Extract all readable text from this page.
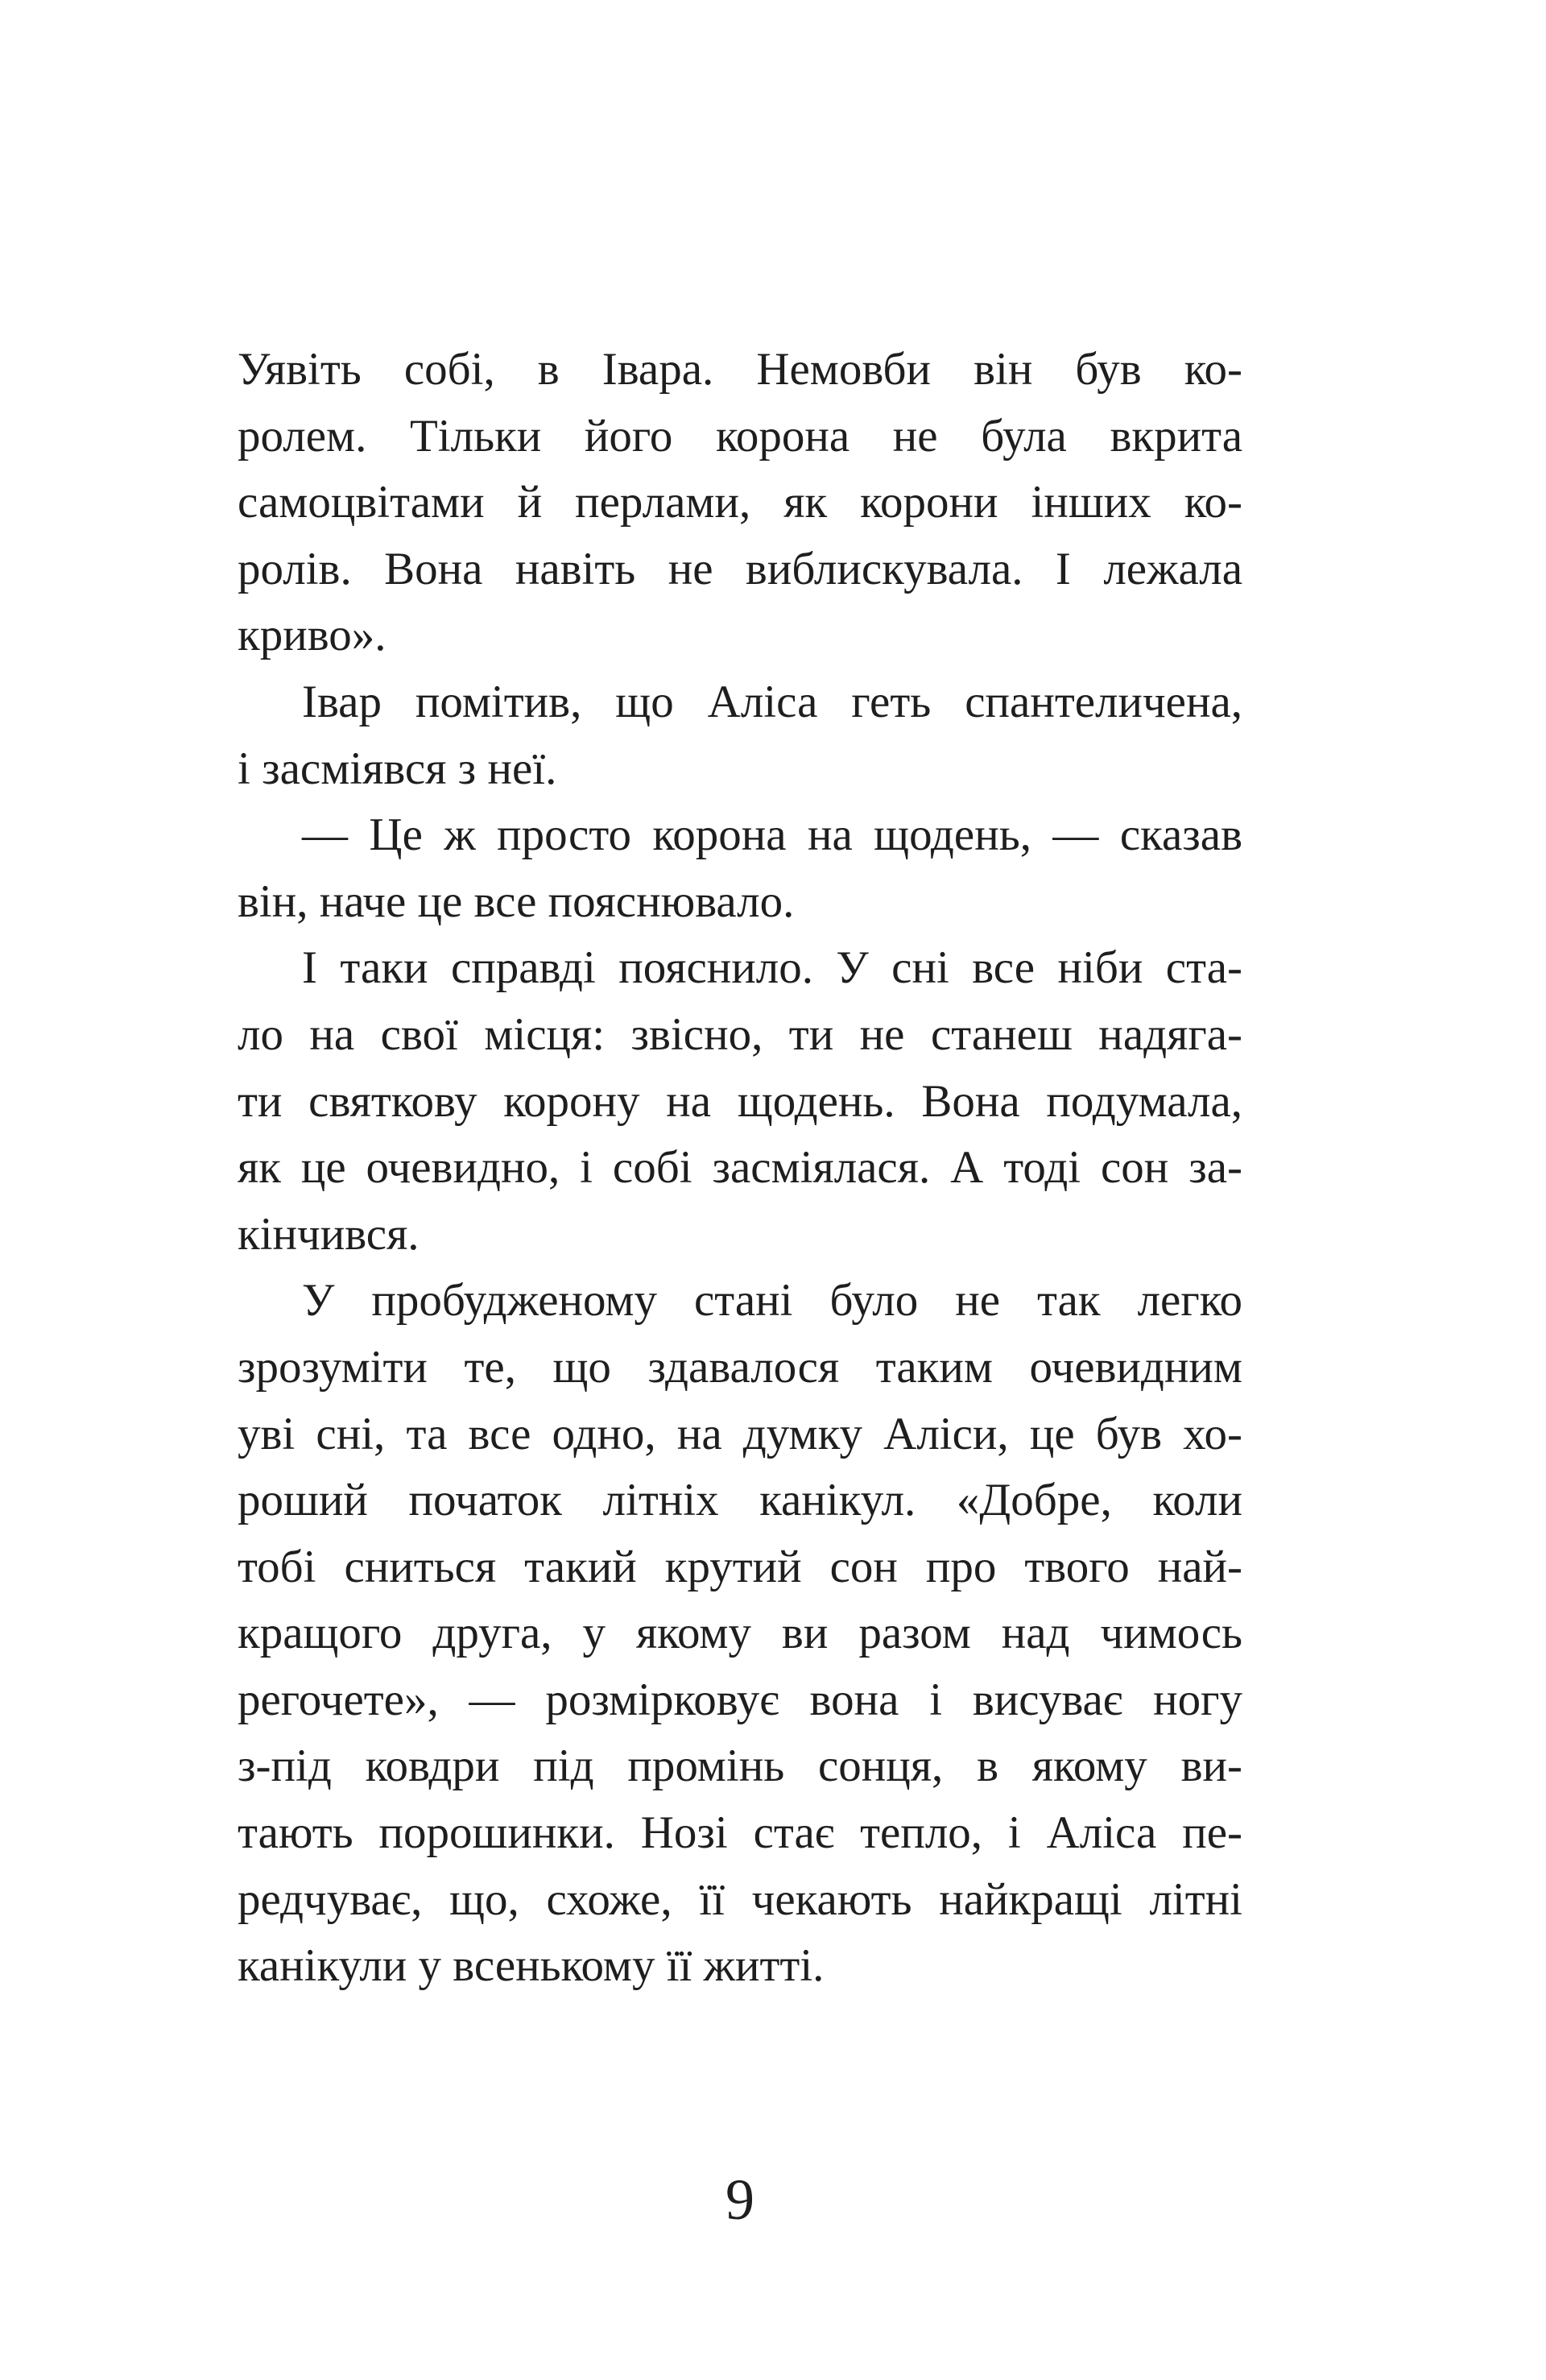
Уявіть собі, в Івара. Немовби він був ко-
ролем. Тільки його корона не була вкрита
самоцвітами й перлами, як корони інших ко-
ролів. Вона навіть не виблискувала. І лежала
криво».
Івар помітив, що Аліса геть спантеличена,
і засміявся з неї.
— Це ж просто корона на щодень, — сказав
він, наче це все пояснювало.
І таки справді пояснило. У сні все ніби ста-
ло на свої місця: звісно, ти не станеш надяга-
ти святкову корону на щодень. Вона подумала,
як це очевидно, і собі засміялася. А тоді сон за-
кінчився.
У пробудженому стані було не так легко
зрозуміти те, що здавалося таким очевидним
уві сні, та все одно, на думку Аліси, це був хо-
роший початок літніх канікул. «Добре, коли
тобі сниться такий крутий сон про твого най-
кращого друга, у якому ви разом над чимось
регочете», — розмірковує вона і висуває ногу
з-під ковдри під промінь сонця, в якому ви-
тають порошинки. Нозі стає тепло, і Аліса пе-
редчуває, що, схоже, її чекають найкращі літні
канікули у всенькому її житті.
9
